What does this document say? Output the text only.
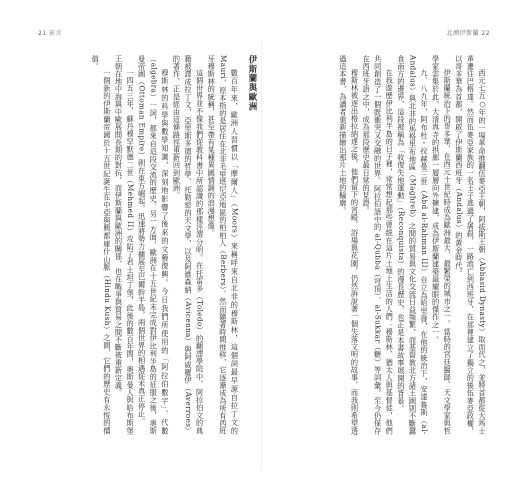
21 前言	北溯伊斯蘭 22

西元七五○年的一場革命推翻伍麥亞王朝，阿拔斯王朝（Abbasid Dynasty）取而代之，並將首都從大馬士革遷往巴格達。然而伍麥亞家族的一名王子逃過了屠殺，一路流亡到西班牙，在那裡建立了獨立的後伍麥亞政權，以哥多華為首都，開啟了伊斯蘭西班牙（Andalus）的黃金時代。

伊斯蘭統治下的哥多華，在西元十世紀時成為歐洲最大、最繁榮的城市之一。當時的宮廷醫師、天文學家與哲學家雲集於此，大清真寺的拱廊一層層向外擴建，成為伊斯蘭建築最耀眼的傑作之一。

九、八九年，阿布杜・拉赫曼三世（Abd al-Rahman III）自立為哈里發，在他的統治下，安達魯斯（al-Andalus）與北非的馬格里布地區（Maghreb）之間的貿易與文化交流日益頻繁，而基督教北方諸王國則不斷蠶食南方的邊界，這段被稱為「收復失地運動」（Reconquista）的漫長歷史，也正是本書故事展開的背景。

在我遊歷伊比利半島的日子裡，常常想起那些曾經在這片土地上生活的人們：穆斯林、猶太人與基督徒，他們共同創造了一個既衝突又交融的世界。阿拉伯語中的 al-Qubba（穹頂）、al-Sukkar（糖）等詞彙，至今仍保存在西班牙語之中，成為那段歷史最日常的見證。

穆斯林被逐出格拉納達之後，他們留下的宮殿、浴場與花園，仍然訴說著一個失落文明的故事，而我則希望透過這本書，為讀者重新描繪出那片土地的輪廓。

伊斯蘭與歐洲

數百年來，歐洲人習慣以「摩爾人」（Moors）來稱呼來自北非的穆斯林，這個詞最早源自拉丁文的 Mauri，原本指的是居住在北非毛里塔尼亞地區的柏柏人（Berbers）。然而隨著時間推移，它逐漸成為所有西班牙穆斯林的統稱，甚至帶有某種異國情調的浪漫想像。

這個世界並不像我們從教科書中所認識的那樣涇渭分明。在托雷多（Toledo）的翻譯學院中，阿拉伯文的典籍被譯成拉丁文，亞里斯多德的哲學、托勒密的天文學，以及阿維森納（Avicenna）與阿威羅伊（Averroes）的著作，正是經由這條路徑重新回到歐洲。

穆斯林的科學與數學知識，深刻地影響了後來的文藝復興。今日我們所使用的「阿拉伯數字」、代數（algebra）一詞，都來自這段交流的歷史。另一方面，歐洲在十五世紀末完成對伊比利半島的征服之後，奧斯曼帝國（Ottoman Empire）則在東方崛起，迅速將勢力擴展至巴爾幹半島，兩個世界的相遇從未真正停止。

一四五三年，蘇丹穆罕默德二世（Mehmed II）攻陷了君士坦丁堡，此後的數百年間，奧斯曼人與哈布斯堡王朝在地中海與中歐展開長期的對抗，而伊斯蘭與歐洲的關係，也在戰爭與貿易之間不斷被重新定義。

一個新的伊斯蘭帝國於十五世紀誕生在中亞與興都庫什山脈（Hindu Kush）之間，它們的歷史有永恆的價值。
